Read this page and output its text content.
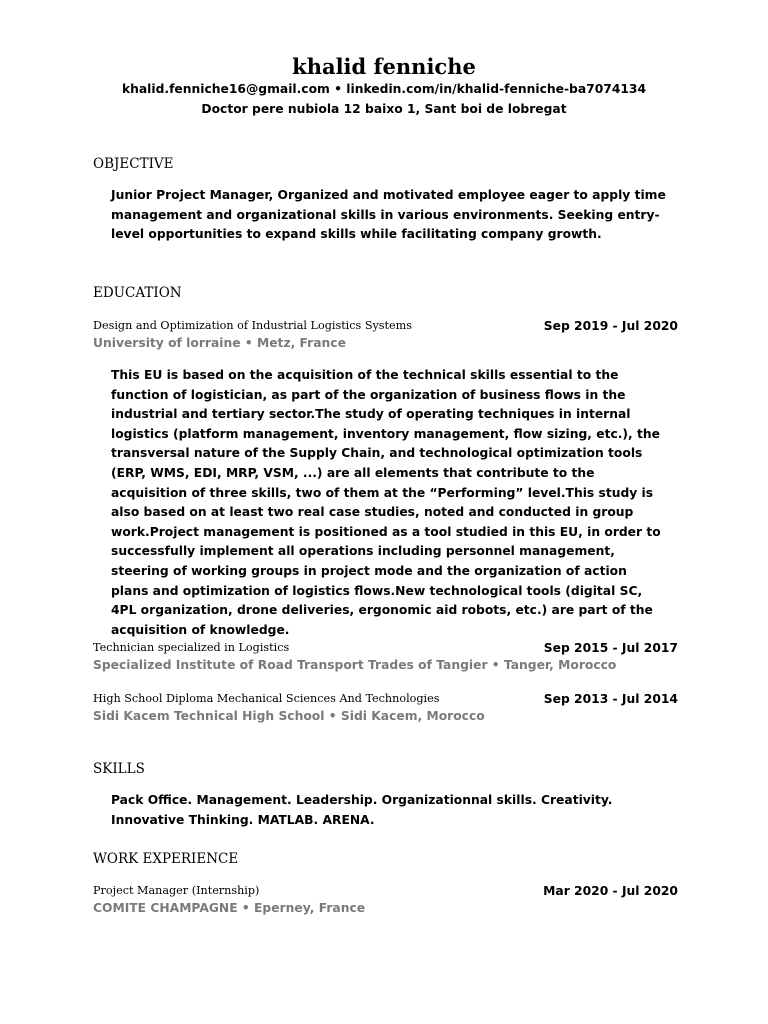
khalid fenniche
khalid.fenniche16@gmail.com • linkedin.com/in/khalid-fenniche-ba7074134
Doctor pere nubiola 12 baixo 1, Sant boi de lobregat
OBJECTIVE
Junior Project Manager, Organized and motivated employee eager to apply time management and organizational skills in various environments. Seeking entry-level opportunities to expand skills while facilitating company growth.
EDUCATION
Design and Optimization of Industrial Logistics Systems	Sep 2019 - Jul 2020
University of lorraine • Metz, France
This EU is based on the acquisition of the technical skills essential to the function of logistician, as part of the organization of business flows in the industrial and tertiary sector.The study of operating techniques in internal logistics (platform management, inventory management, flow sizing, etc.), the transversal nature of the Supply Chain, and technological optimization tools (ERP, WMS, EDI, MRP, VSM, ...) are all elements that contribute to the acquisition of three skills, two of them at the “Performing” level.This study is also based on at least two real case studies, noted and conducted in group work.Project management is positioned as a tool studied in this EU, in order to successfully implement all operations including personnel management, steering of working groups in project mode and the organization of action plans and optimization of logistics flows.New technological tools (digital SC, 4PL organization, drone deliveries, ergonomic aid robots, etc.) are part of the acquisition of knowledge.
Technician specialized in Logistics	Sep 2015 - Jul 2017
Specialized Institute of Road Transport Trades of Tangier • Tanger, Morocco
High School Diploma Mechanical Sciences And Technologies	Sep 2013 - Jul 2014
Sidi Kacem Technical High School • Sidi Kacem, Morocco
SKILLS
Pack Office. Management. Leadership. Organizationnal skills. Creativity. Innovative Thinking. MATLAB. ARENA.
WORK EXPERIENCE
Project Manager (Internship)	Mar 2020 - Jul 2020
COMITE CHAMPAGNE • Eperney, France
